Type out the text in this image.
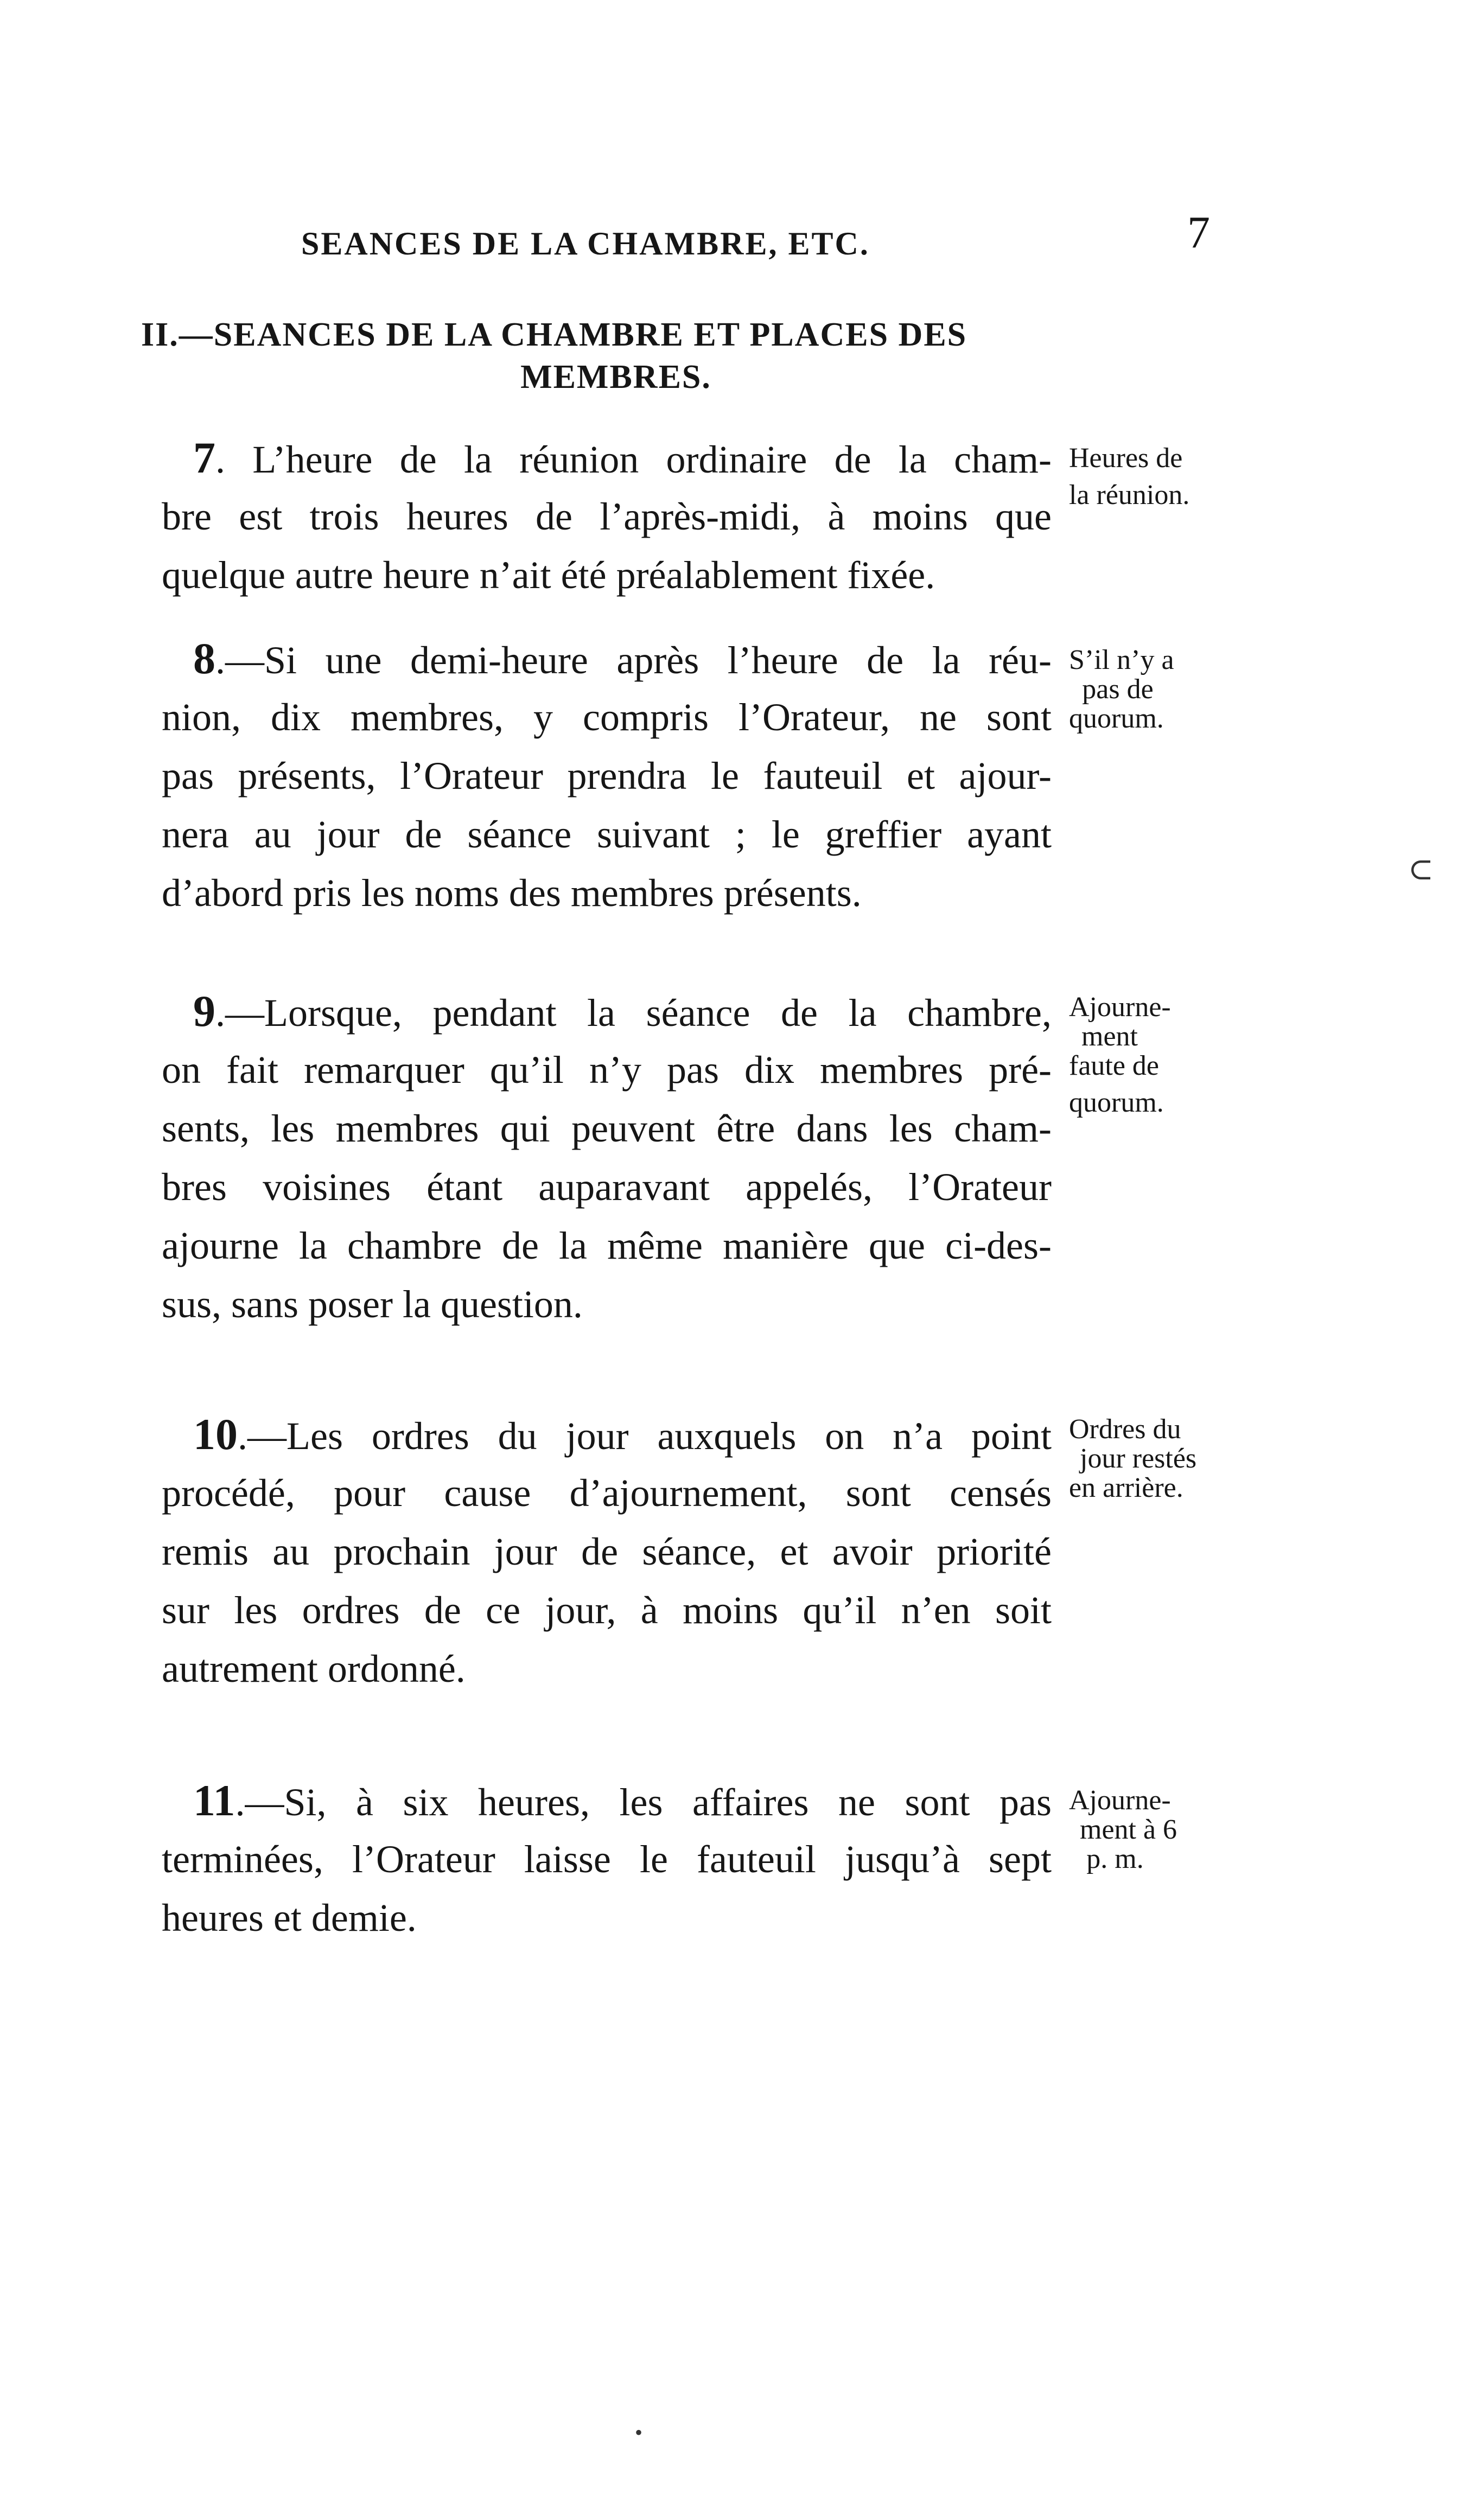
SEANCES DE LA CHAMBRE, ETC.	7
II.—SEANCES DE LA CHAMBRE ET PLACES DES
MEMBRES.
7. L’heure de la réunion ordinaire de la cham-
bre est trois heures de l’après-midi, à moins que
quelque autre heure n’ait été préalablement fixée.
Heures de
la réunion.
8.—Si une demi-heure après l’heure de la réu-
nion, dix membres, y compris l’Orateur, ne sont
pas présents, l’Orateur prendra le fauteuil et ajour-
nera au jour de séance suivant ; le greffier ayant
d’abord pris les noms des membres présents.
S’il n’y a
pas de
quorum.
9.—Lorsque, pendant la séance de la chambre,
on fait remarquer qu’il n’y pas dix membres pré-
sents, les membres qui peuvent être dans les cham-
bres voisines étant auparavant appelés, l’Orateur
ajourne la chambre de la même manière que ci-des-
sus, sans poser la question.
Ajourne-
ment
faute de
quorum.
10.—Les ordres du jour auxquels on n’a point
procédé, pour cause d’ajournement, sont censés
remis au prochain jour de séance, et avoir priorité
sur les ordres de ce jour, à moins qu’il n’en soit
autrement ordonné.
Ordres du
jour restés
en arrière.
11.—Si, à six heures, les affaires ne sont pas
terminées, l’Orateur laisse le fauteuil jusqu’à sept
heures et demie.
Ajourne-
ment à 6
p. m.
⊂
•
